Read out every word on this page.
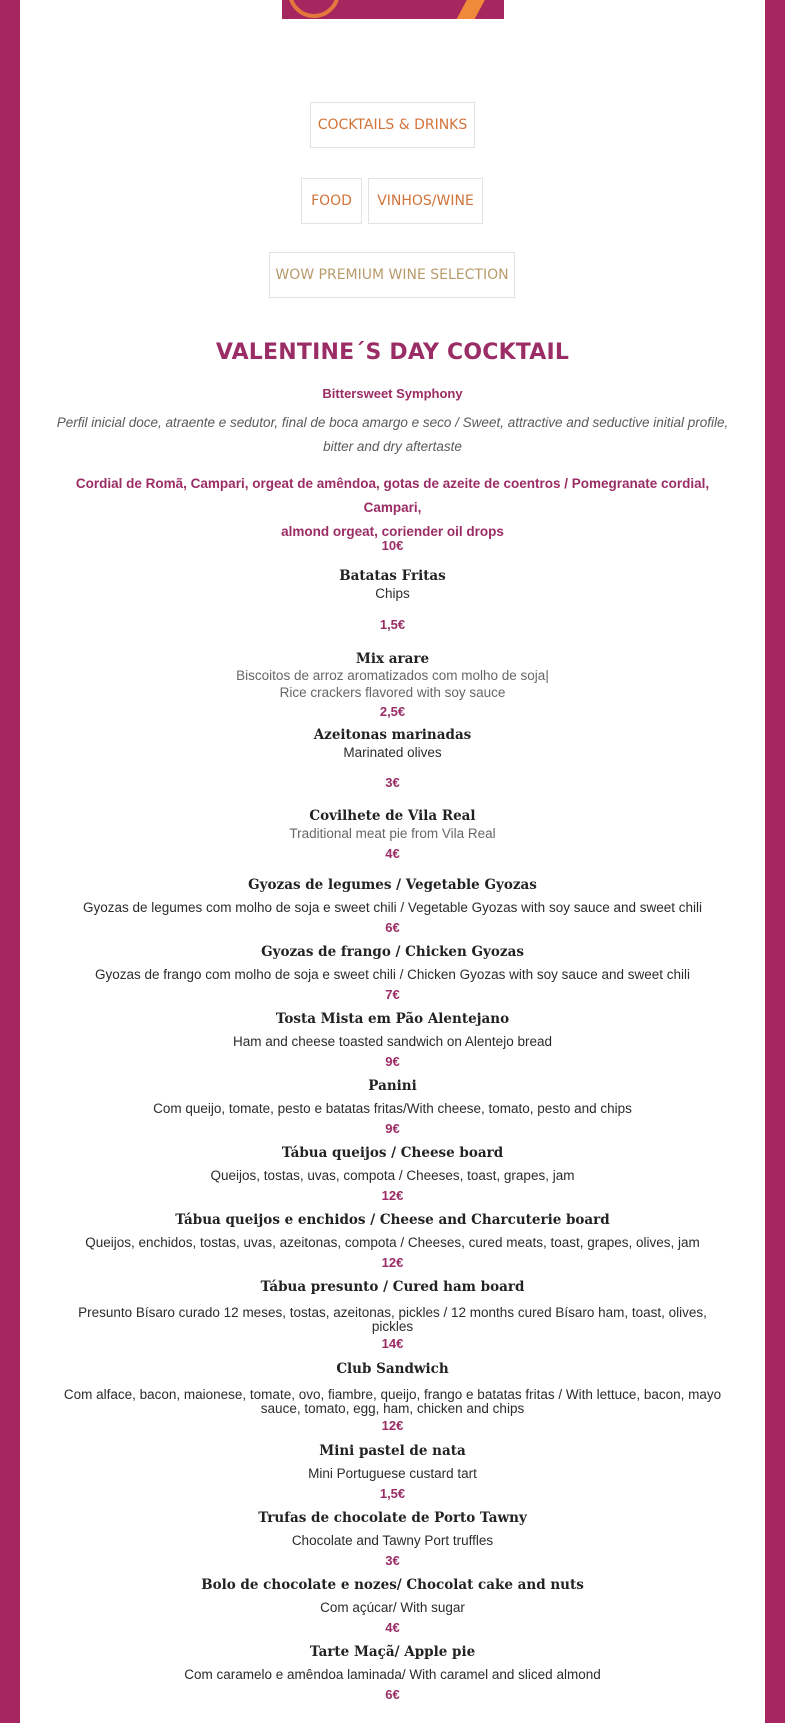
COCKTAILS & DRINKS
FOOD	VINHOS/WINE
WOW PREMIUM WINE SELECTION
VALENTINE´S DAY COCKTAIL
Bittersweet Symphony
Perfil inicial doce, atraente e sedutor, final de boca amargo e seco / Sweet, attractive and seductive initial profile,
bitter and dry aftertaste
Cordial de Romã, Campari, orgeat de amêndoa, gotas de azeite de coentros / Pomegranate cordial, Campari,
almond orgeat, coriender oil drops
10€
Batatas Fritas
Chips
1,5€
Mix arare
Biscoitos de arroz aromatizados com molho de soja|
Rice crackers flavored with soy sauce
2,5€
Azeitonas marinadas
Marinated olives
3€
Covilhete de Vila Real
Traditional meat pie from Vila Real
4€
Gyozas de legumes / Vegetable Gyozas
Gyozas de legumes com molho de soja e sweet chili / Vegetable Gyozas with soy sauce and sweet chili
6€
Gyozas de frango / Chicken Gyozas
Gyozas de frango com molho de soja e sweet chili / Chicken Gyozas with soy sauce and sweet chili
7€
Tosta Mista em Pão Alentejano
Ham and cheese toasted sandwich on Alentejo bread
9€
Panini
Com queijo, tomate, pesto e batatas fritas/With cheese, tomato, pesto and chips
9€
Tábua queijos / Cheese board
Queijos, tostas, uvas, compota / Cheeses, toast, grapes, jam
12€
Tábua queijos e enchidos / Cheese and Charcuterie board
Queijos, enchidos, tostas, uvas, azeitonas, compota / Cheeses, cured meats, toast, grapes, olives, jam
12€
Tábua presunto / Cured ham board
Presunto Bísaro curado 12 meses, tostas, azeitonas, pickles / 12 months cured Bísaro ham, toast, olives,
pickles
14€
Club Sandwich
Com alface, bacon, maionese, tomate, ovo, fiambre, queijo, frango e batatas fritas / With lettuce, bacon, mayo
sauce, tomato, egg, ham, chicken and chips
12€
Mini pastel de nata
Mini Portuguese custard tart
1,5€
Trufas de chocolate de Porto Tawny
Chocolate and Tawny Port truffles
3€
Bolo de chocolate e nozes/ Chocolat cake and nuts
Com açúcar/ With sugar
4€
Tarte Maçã/ Apple pie
Com caramelo e amêndoa laminada/ With caramel and sliced almond
6€
